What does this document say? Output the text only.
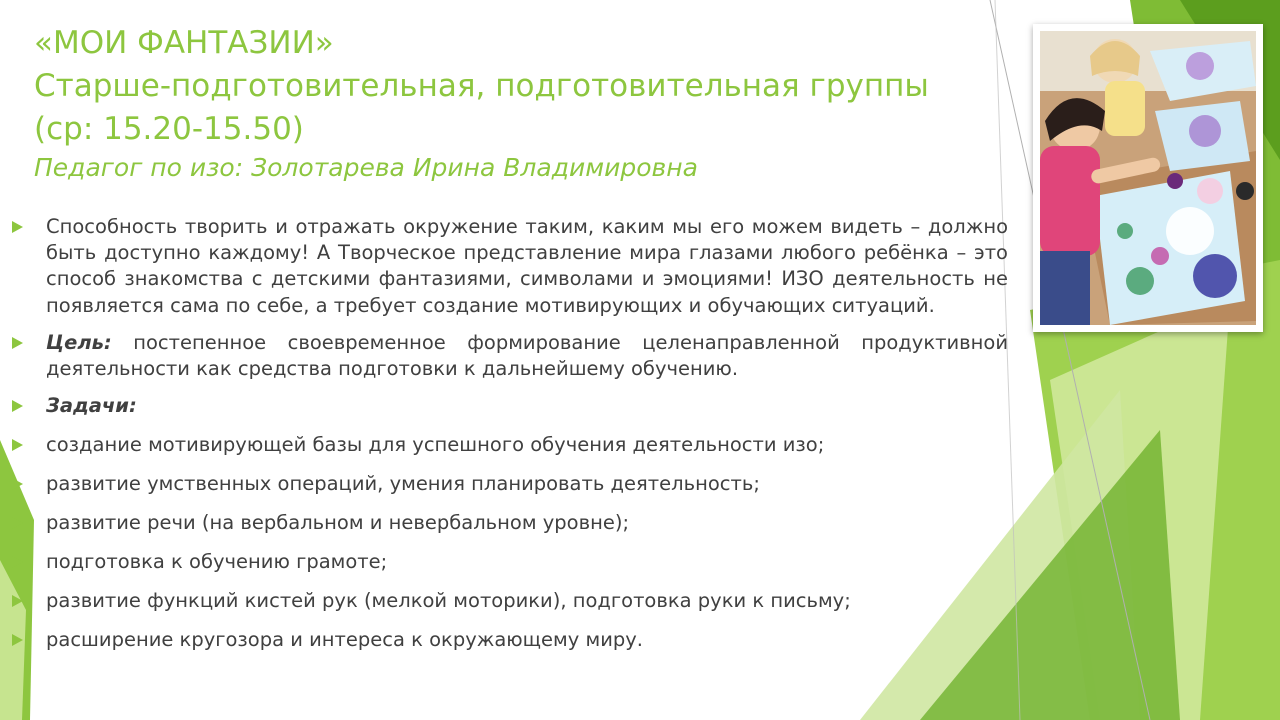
«МОИ ФАНТАЗИИ»
Старше-подготовительная, подготовительная группы
(ср: 15.20-15.50)
Педагог по изо: Золотарева Ирина Владимировна
Способность творить и отражать окружение таким, каким мы его можем видеть – должно быть доступно каждому! А Творческое представление мира глазами любого ребёнка – это способ знакомства с детскими фантазиями, символами и эмоциями! ИЗО деятельность не появляется сама по себе, а требует создание мотивирующих и обучающих ситуаций.
Цель: постепенное своевременное формирование целенаправленной продуктивной деятельности как средства подготовки к дальнейшему обучению.
Задачи:
создание мотивирующей базы для успешного обучения деятельности изо;
развитие умственных операций, умения планировать деятельность;
развитие речи (на вербальном и невербальном уровне);
подготовка к обучению грамоте;
развитие функций кистей рук (мелкой моторики), подготовка руки к письму;
расширение кругозора и интереса к окружающему миру.
